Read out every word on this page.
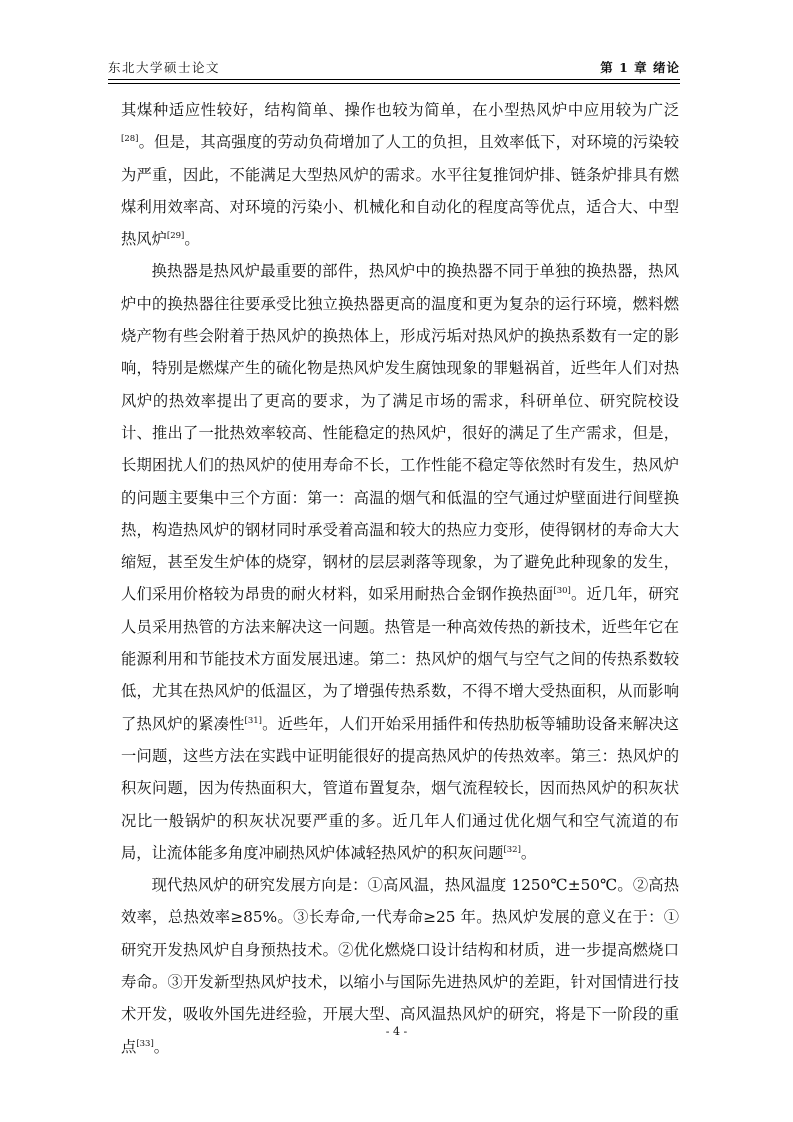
东北大学硕士论文	第 1 章 绪论

其煤种适应性较好，结构简单、操作也较为简单，在小型热风炉中应用较为广泛[28]。但是，其高强度的劳动负荷增加了人工的负担，且效率低下，对环境的污染较为严重，因此，不能满足大型热风炉的需求。水平往复推饲炉排、链条炉排具有燃煤利用效率高、对环境的污染小、机械化和自动化的程度高等优点，适合大、中型热风炉[29]。

换热器是热风炉最重要的部件，热风炉中的换热器不同于单独的换热器，热风炉中的换热器往往要承受比独立换热器更高的温度和更为复杂的运行环境，燃料燃烧产物有些会附着于热风炉的换热体上，形成污垢对热风炉的换热系数有一定的影响，特别是燃煤产生的硫化物是热风炉发生腐蚀现象的罪魁祸首，近些年人们对热风炉的热效率提出了更高的要求，为了满足市场的需求，科研单位、研究院校设计、推出了一批热效率较高、性能稳定的热风炉，很好的满足了生产需求，但是，长期困扰人们的热风炉的使用寿命不长，工作性能不稳定等依然时有发生，热风炉的问题主要集中三个方面：第一：高温的烟气和低温的空气通过炉壁面进行间壁换热，构造热风炉的钢材同时承受着高温和较大的热应力变形，使得钢材的寿命大大缩短，甚至发生炉体的烧穿，钢材的层层剥落等现象，为了避免此种现象的发生，人们采用价格较为昂贵的耐火材料，如采用耐热合金钢作换热面[30]。近几年，研究人员采用热管的方法来解决这一问题。热管是一种高效传热的新技术，近些年它在能源利用和节能技术方面发展迅速。第二：热风炉的烟气与空气之间的传热系数较低，尤其在热风炉的低温区，为了增强传热系数，不得不增大受热面积，从而影响了热风炉的紧凑性[31]。近些年，人们开始采用插件和传热肋板等辅助设备来解决这一问题，这些方法在实践中证明能很好的提高热风炉的传热效率。第三：热风炉的积灰问题，因为传热面积大，管道布置复杂，烟气流程较长，因而热风炉的积灰状况比一般锅炉的积灰状况要严重的多。近几年人们通过优化烟气和空气流道的布局，让流体能多角度冲刷热风炉体减轻热风炉的积灰问题[32]。

现代热风炉的研究发展方向是：①高风温，热风温度 1250℃±50℃。②高热效率，总热效率≥85%。③长寿命,一代寿命≥25 年。热风炉发展的意义在于：①研究开发热风炉自身预热技术。②优化燃烧口设计结构和材质，进一步提高燃烧口寿命。③开发新型热风炉技术，以缩小与国际先进热风炉的差距，针对国情进行技术开发，吸收外国先进经验，开展大型、高风温热风炉的研究，将是下一阶段的重点[33]。

- 4 -
